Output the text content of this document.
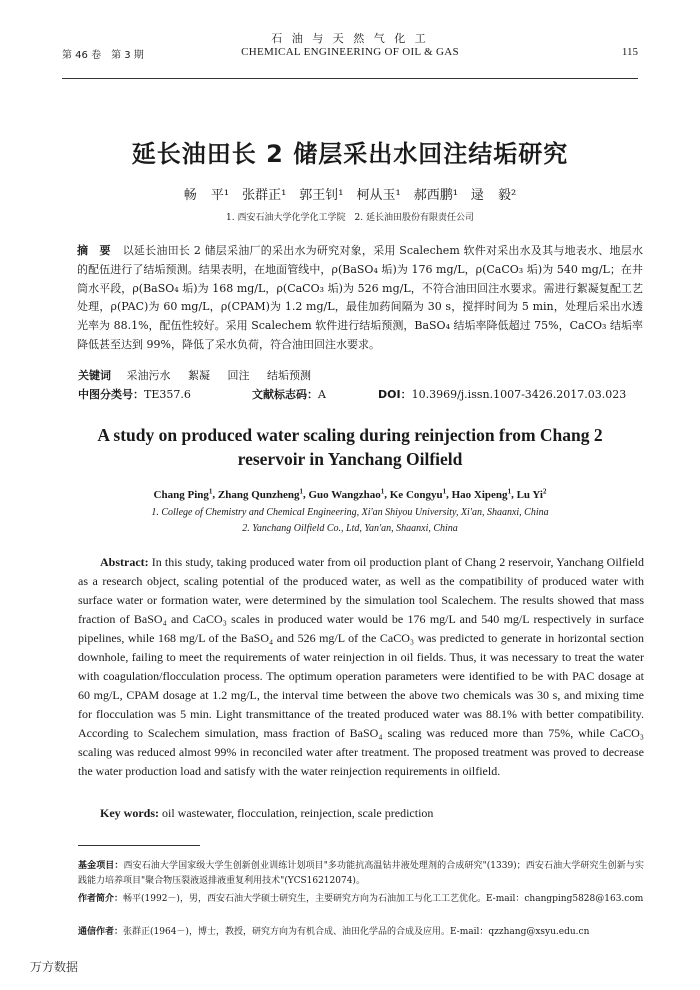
石 油 与 天 然 气 化 工
第 46 卷　第 3 期	CHEMICAL ENGINEERING OF OIL & GAS	115
延长油田长 2 储层采出水回注结垢研究
畅 平¹　张群正¹　郭王钊¹　柯从玉¹　郝西鹏¹　逯 毅²
1. 西安石油大学化学化工学院　2. 延长油田股份有限责任公司
摘　要 以延长油田长 2 储层采油厂的采出水为研究对象，采用 Scalechem 软件对采出水及其与地表水、地层水的配伍进行了结垢预测。结果表明，在地面管线中，ρ(BaSO₄ 垢)为 176 mg/L，ρ(CaCO₃ 垢)为 540 mg/L；在井筒水平段，ρ(BaSO₄ 垢)为 168 mg/L，ρ(CaCO₃ 垢)为 526 mg/L，不符合油田回注水要求。需进行絮凝复配工艺处理，ρ(PAC)为 60 mg/L，ρ(CPAM)为 1.2 mg/L，最佳加药间隔为 30 s，搅拌时间为 5 min，处理后采出水透光率为 88.1%，配伍性较好。采用 Scalechem 软件进行结垢预测，BaSO₄ 结垢率降低超过 75%，CaCO₃ 结垢率降低甚至达到 99%，降低了采水负荷，符合油田回注水要求。
关键词 采油污水 絮凝 回注 结垢预测
中图分类号：TE357.6	文献标志码：A	DOI：10.3969/j.issn.1007-3426.2017.03.023
A study on produced water scaling during reinjection from Chang 2 reservoir in Yanchang Oilfield
Chang Ping$^1$, Zhang Qunzheng$^1$, Guo Wangzhao$^1$, Ke Congyu$^1$, Hao Xipeng$^1$, Lu Yi$^2$
1. College of Chemistry and Chemical Engineering, Xi'an Shiyou University, Xi'an, Shaanxi, China
2. Yanchang Oilfield Co., Ltd, Yan'an, Shaanxi, China
Abstract: In this study, taking produced water from oil production plant of Chang 2 reservoir, Yanchang Oilfield as a research object, scaling potential of the produced water, as well as the compatibility of produced water with surface water or formation water, were determined by the simulation tool Scalechem. The results showed that mass fraction of BaSO₄ and CaCO₃ scales in produced water would be 176 mg/L and 540 mg/L respectively in surface pipelines, while 168 mg/L of the BaSO₄ and 526 mg/L of the CaCO₃ was predicted to generate in horizontal section downhole, failing to meet the requirements of water reinjection in oil fields. Thus, it was necessary to treat the water with coagulation/flocculation process. The optimum operation parameters were identified to be with PAC dosage at 60 mg/L, CPAM dosage at 1.2 mg/L, the interval time between the above two chemicals was 30 s, and mixing time for flocculation was 5 min. Light transmittance of the treated produced water was 88.1% with better compatibility. According to Scalechem simulation, mass fraction of BaSO₄ scaling was reduced more than 75%, while CaCO₃ scaling was reduced almost 99% in reconciled water after treatment. The proposed treatment was proved to decrease the water production load and satisfy with the water reinjection requirements in oilfield.
Key words: oil wastewater, flocculation, reinjection, scale prediction
基金项目：西安石油大学国家级大学生创新创业训练计划项目"多功能抗高温钻井液处理剂的合成研究"(1339)；西安石油大学研究生创新与实践能力培养项目"聚合物压裂液返排液重复利用技术"(YCS16212074)。
作者简介：畅平(1992－)，男，西安石油大学硕士研究生，主要研究方向为石油加工与化工工艺优化。E-mail：changping5828@163.com
通信作者：张群正(1964－)，博士，教授，研究方向为有机合成、油田化学品的合成及应用。E-mail：qzzhang@xsyu.edu.cn
万方数据
